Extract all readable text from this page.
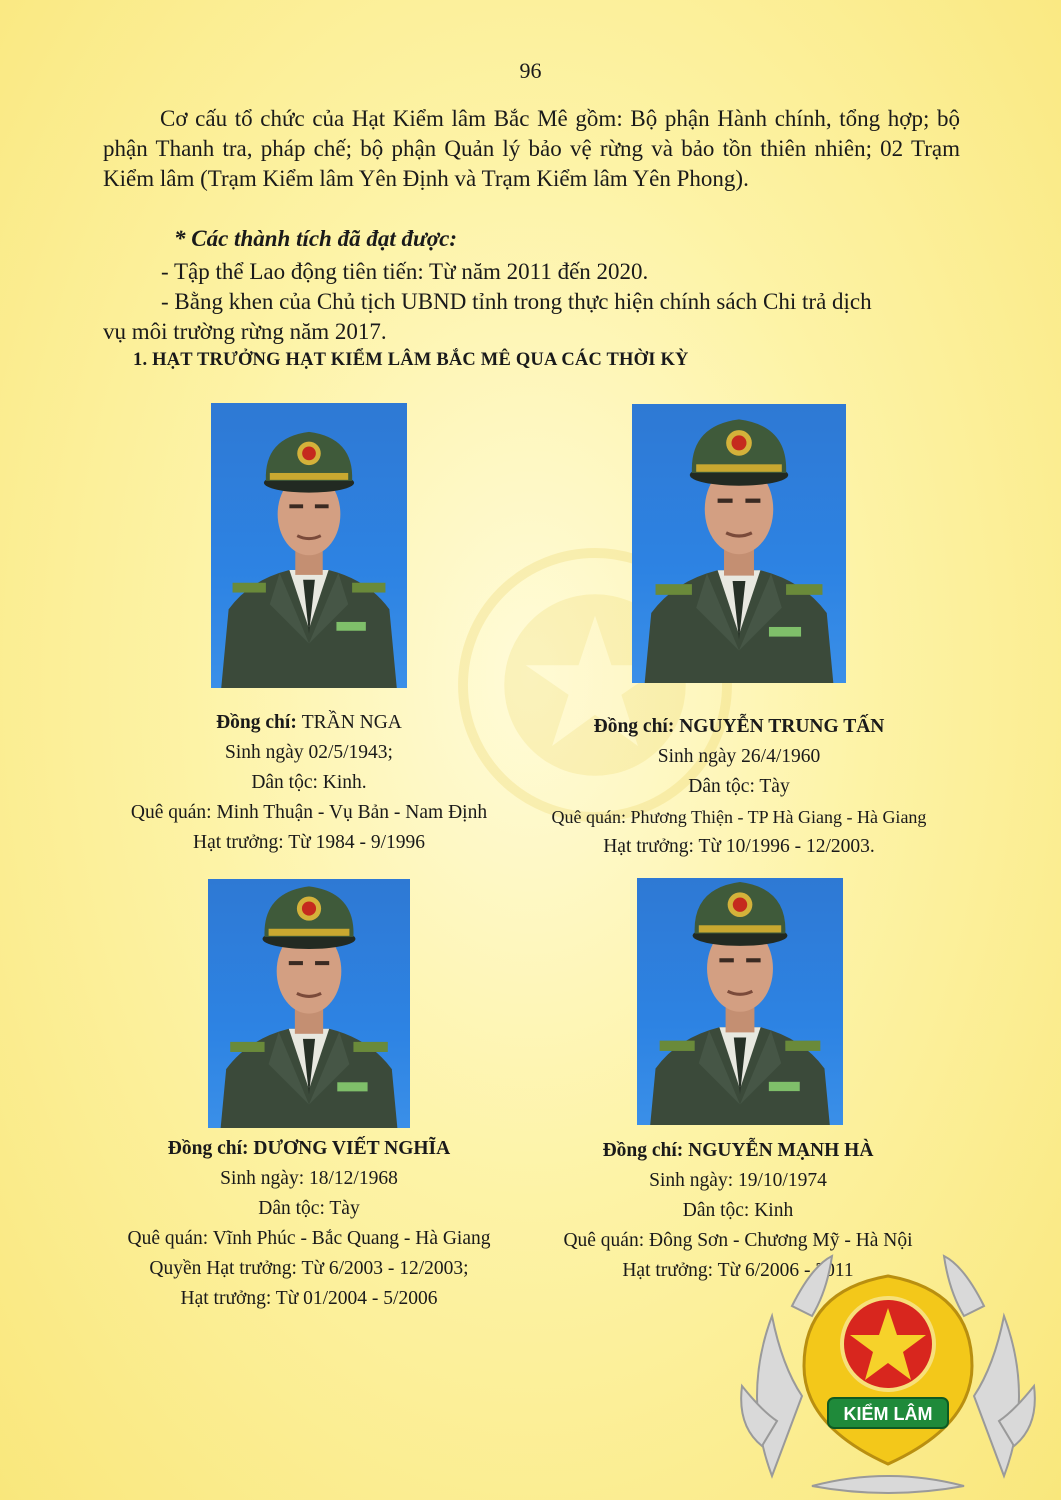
96
Cơ cấu tổ chức của Hạt Kiểm lâm Bắc Mê gồm: Bộ phận Hành chính, tổng hợp; bộ phận Thanh tra, pháp chế; bộ phận Quản lý bảo vệ rừng và bảo tồn thiên nhiên; 02 Trạm Kiểm lâm (Trạm Kiểm lâm Yên Định và Trạm Kiểm lâm Yên Phong).
* Các thành tích đã đạt được:
- Tập thể Lao động tiên tiến: Từ năm 2011 đến 2020.
- Bằng khen của Chủ tịch UBND tỉnh trong thực hiện chính sách Chi trả dịch
vụ môi trường rừng năm 2017.
1. HẠT TRƯỞNG HẠT KIỂM LÂM BẮC MÊ QUA CÁC THỜI KỲ
Đồng chí: TRẦN NGA
Sinh ngày 02/5/1943;
Dân tộc: Kinh.
Quê quán: Minh Thuận - Vụ Bản - Nam Định
Hạt trưởng: Từ 1984 - 9/1996
Đồng chí: NGUYỄN TRUNG TẤN
Sinh ngày 26/4/1960
Dân tộc: Tày
Quê quán: Phương Thiện - TP Hà Giang - Hà Giang
Hạt trưởng: Từ 10/1996 - 12/2003.
Đồng chí: DƯƠNG VIẾT NGHĨA
Sinh ngày: 18/12/1968
Dân tộc: Tày
Quê quán: Vĩnh Phúc - Bắc Quang - Hà Giang
Quyền Hạt trưởng: Từ 6/2003 - 12/2003;
Hạt trưởng: Từ 01/2004 - 5/2006
Đồng chí: NGUYỄN MẠNH HÀ
Sinh ngày: 19/10/1974
Dân tộc: Kinh
Quê quán: Đông Sơn - Chương Mỹ - Hà Nội
Hạt trưởng: Từ 6/2006 - 2011
KIỂM LÂM
